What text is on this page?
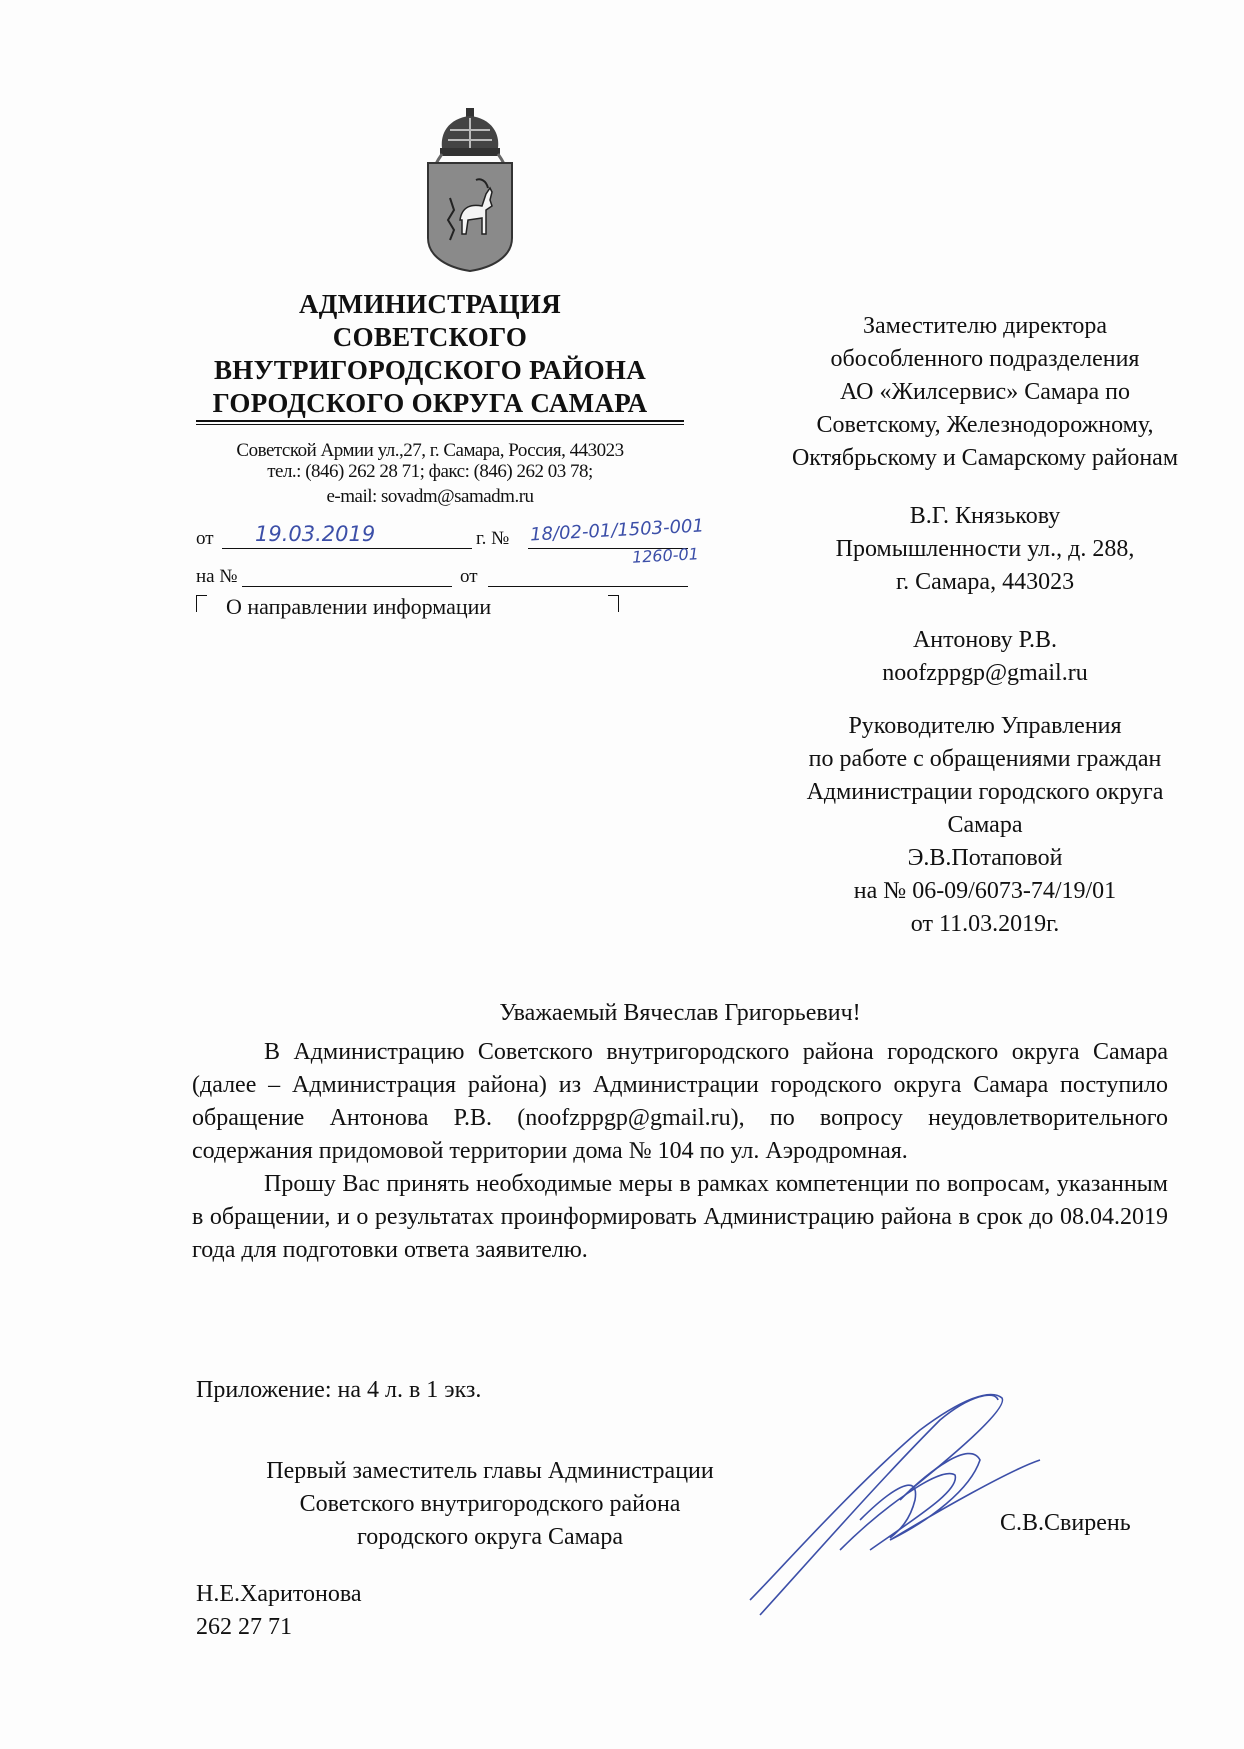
АДМИНИСТРАЦИЯ
СОВЕТСКОГО
ВНУТРИГОРОДСКОГО РАЙОНА
ГОРОДСКОГО ОКРУГА САМАРА
Советской Армии ул.,27, г. Самара, Россия, 443023
тел.: (846) 262 28 71; факс: (846) 262 03 78;
e-mail: sovadm@samadm.ru
от 19.03.2019	г. № 18/02-01/1503-001
1260-01
на №	от
О направлении информации
Заместителю директора
обособленного подразделения
АО «Жилсервис» Самара по
Советскому, Железнодорожному,
Октябрьскому и Самарскому районам
В.Г. Князькову
Промышленности ул., д. 288,
г. Самара, 443023
Антонову Р.В.
noofzppgp@gmail.ru
Руководителю Управления
по работе с обращениями граждан
Администрации городского округа
Самара
Э.В.Потаповой
на № 06-09/6073-74/19/01
от 11.03.2019г.
Уважаемый Вячеслав Григорьевич!

В Администрацию Советского внутригородского района городского округа Самара (далее – Администрация района) из Администрации городского округа Самара поступило обращение Антонова Р.В. (noofzppgp@gmail.ru), по вопросу неудовлетворительного содержания придомовой территории дома № 104 по ул. Аэродромная.

Прошу Вас принять необходимые меры в рамках компетенции по вопросам, указанным в обращении, и о результатах проинформировать Администрацию района в срок до 08.04.2019 года для подготовки ответа заявителю.

Приложение: на 4 л. в 1 экз.
Первый заместитель главы Администрации
Советского внутригородского района
городского округа Самара
С.В.Свирень
Н.Е.Харитонова
262 27 71
